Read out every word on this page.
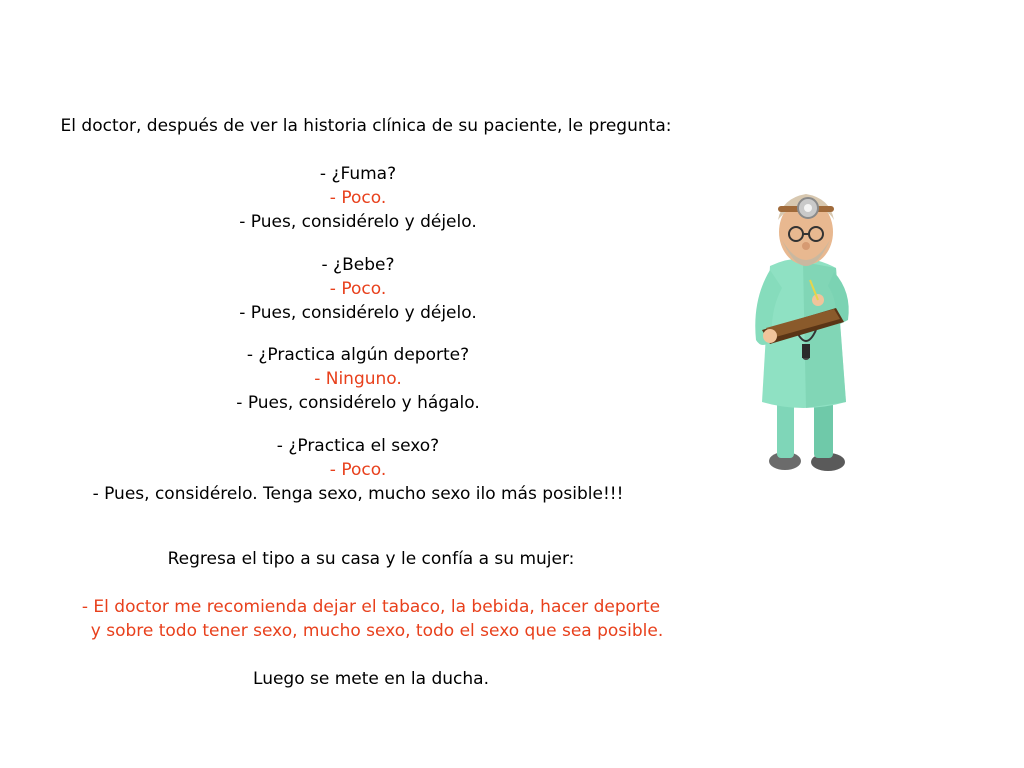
El doctor, después de ver la historia clínica de su paciente, le pregunta:
- ¿Fuma?
- Poco.
- Pues, considérelo y déjelo.
- ¿Bebe?
- Poco.
- Pues, considérelo y déjelo.
- ¿Practica algún deporte?
- Ninguno.
- Pues, considérelo y hágalo.
- ¿Practica el sexo?
- Poco.
- Pues, considérelo. Tenga sexo, mucho sexo ilo más posible!!!
Regresa el tipo a su casa y le confía a su mujer:
- El doctor me recomienda dejar el tabaco, la bebida, hacer deporte
y sobre todo tener sexo, mucho sexo, todo el sexo que sea posible.
Luego se mete en la ducha.
